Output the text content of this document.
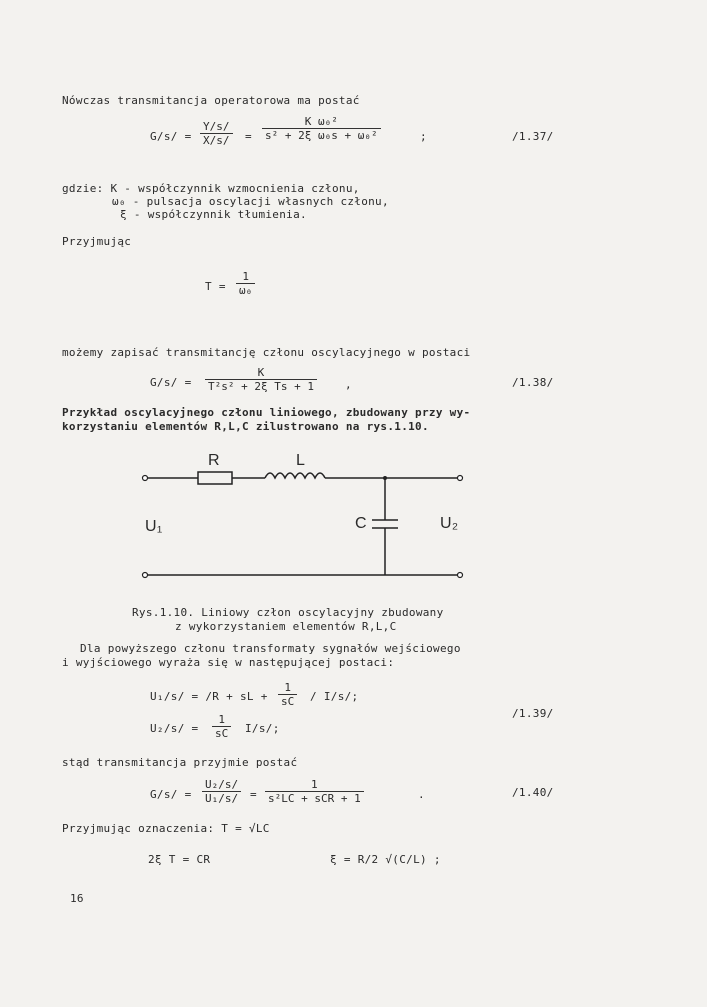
Nówczas transmitancja operatorowa ma postać
$G/s/ = \frac{Y/s/}{X/s/} = \frac{\text{K ω₀²}}{\text{s² + 2ξ ω₀s + ω₀²}}$	;	/1.37/
gdzie: K - współczynnik wzmocnienia członu,
ω₀ - pulsacja oscylacji własnych członu,
ξ - współczynnik tłumienia.
Przyjmując
$T = \frac{1}{\text{ω₀}}$
możemy zapisać transmitancję członu oscylacyjnego w postaci
$G/s/ = \frac{K}{\text{T²s² + 2ξ Ts + 1}}$	,	/1.38/
Przykład oscylacyjnego członu liniowego, zbudowany przy wy-
korzystaniu elementów R,L,C zilustrowano na rys.1.10.
R	L
C
U₁	U₂
Rys.1.10. Liniowy człon oscylacyjny zbudowany
z wykorzystaniem elementów R,L,C
Dla powyższego członu transformaty sygnałów wejściowego
i wyjściowego wyraża się w następującej postaci:
U₁/s/ = /R + sL + $\frac{1}{sC} / I/s/$;
$U_2/s/ = \frac{1}{sC} I/s/$;
/1.39/
stąd transmitancja przyjmie postać
$G/s/ = \frac{\text{U₂/s/}}{\text{U₁/s/}}$ =
1
s²LC + sCR + 1	.	/1.40/
Przyjmując oznaczenia: T = √LC
2ξ T = CR	ξ = R/2 √(C/L) ;
16
